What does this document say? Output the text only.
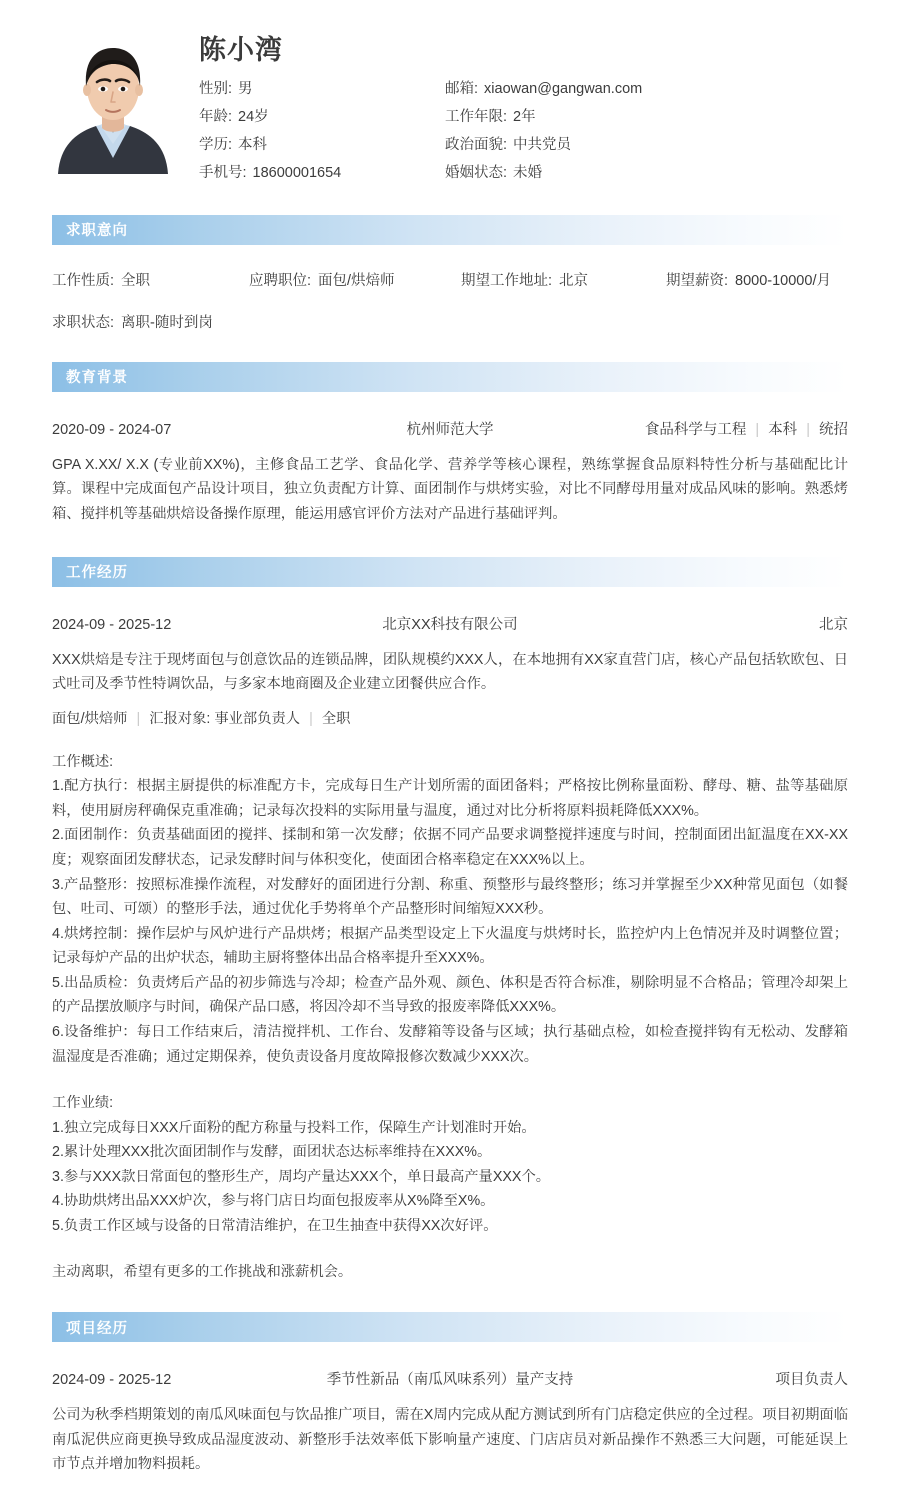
陈小湾
性别: 男	邮箱: xiaowan@gangwan.com
年龄: 24岁	工作年限: 2年
学历: 本科	政治面貌: 中共党员
手机号: 18600001654	婚姻状态: 未婚
求职意向
工作性质: 全职	应聘职位: 面包/烘焙师	期望工作地址: 北京	期望薪资: 8000-10000/月
求职状态: 离职-随时到岗
教育背景
2020-09 - 2024-07	杭州师范大学	食品科学与工程 | 本科 | 统招
GPA X.XX/ X.X (专业前XX%)，主修食品工艺学、食品化学、营养学等核心课程，熟练掌握食品原料特性分析与基础配比计算。课程中完成面包产品设计项目，独立负责配方计算、面团制作与烘烤实验，对比不同酵母用量对成品风味的影响。熟悉烤箱、搅拌机等基础烘焙设备操作原理，能运用感官评价方法对产品进行基础评判。
工作经历
2024-09 - 2025-12	北京XX科技有限公司	北京
XXX烘焙是专注于现烤面包与创意饮品的连锁品牌，团队规模约XXX人，在本地拥有XX家直营门店，核心产品包括软欧包、日式吐司及季节性特调饮品，与多家本地商圈及企业建立团餐供应合作。
面包/烘焙师 | 汇报对象: 事业部负责人 | 全职
工作概述:
1.配方执行：根据主厨提供的标准配方卡，完成每日生产计划所需的面团备料；严格按比例称量面粉、酵母、糖、盐等基础原料，使用厨房秤确保克重准确；记录每次投料的实际用量与温度，通过对比分析将原料损耗降低XXX%。
2.面团制作：负责基础面团的搅拌、揉制和第一次发酵；依据不同产品要求调整搅拌速度与时间，控制面团出缸温度在XX-XX度；观察面团发酵状态，记录发酵时间与体积变化，使面团合格率稳定在XXX%以上。
3.产品整形：按照标准操作流程，对发酵好的面团进行分割、称重、预整形与最终整形；练习并掌握至少XX种常见面包（如餐包、吐司、可颂）的整形手法，通过优化手势将单个产品整形时间缩短XXX秒。
4.烘烤控制：操作层炉与风炉进行产品烘烤；根据产品类型设定上下火温度与烘烤时长，监控炉内上色情况并及时调整位置；记录每炉产品的出炉状态，辅助主厨将整体出品合格率提升至XXX%。
5.出品质检：负责烤后产品的初步筛选与冷却；检查产品外观、颜色、体积是否符合标准，剔除明显不合格品；管理冷却架上的产品摆放顺序与时间，确保产品口感，将因冷却不当导致的报废率降低XXX%。
6.设备维护：每日工作结束后，清洁搅拌机、工作台、发酵箱等设备与区域；执行基础点检，如检查搅拌钩有无松动、发酵箱温湿度是否准确；通过定期保养，使负责设备月度故障报修次数减少XXX次。
工作业绩:
1.独立完成每日XXX斤面粉的配方称量与投料工作，保障生产计划准时开始。
2.累计处理XXX批次面团制作与发酵，面团状态达标率维持在XXX%。
3.参与XXX款日常面包的整形生产，周均产量达XXX个，单日最高产量XXX个。
4.协助烘烤出品XXX炉次，参与将门店日均面包报废率从X%降至X%。
5.负责工作区域与设备的日常清洁维护，在卫生抽查中获得XX次好评。
主动离职，希望有更多的工作挑战和涨薪机会。
项目经历
2024-09 - 2025-12	季节性新品（南瓜风味系列）量产支持	项目负责人
公司为秋季档期策划的南瓜风味面包与饮品推广项目，需在X周内完成从配方测试到所有门店稳定供应的全过程。项目初期面临南瓜泥供应商更换导致成品湿度波动、新整形手法效率低下影响量产速度、门店店员对新品操作不熟悉三大问题，可能延误上市节点并增加物料损耗。
